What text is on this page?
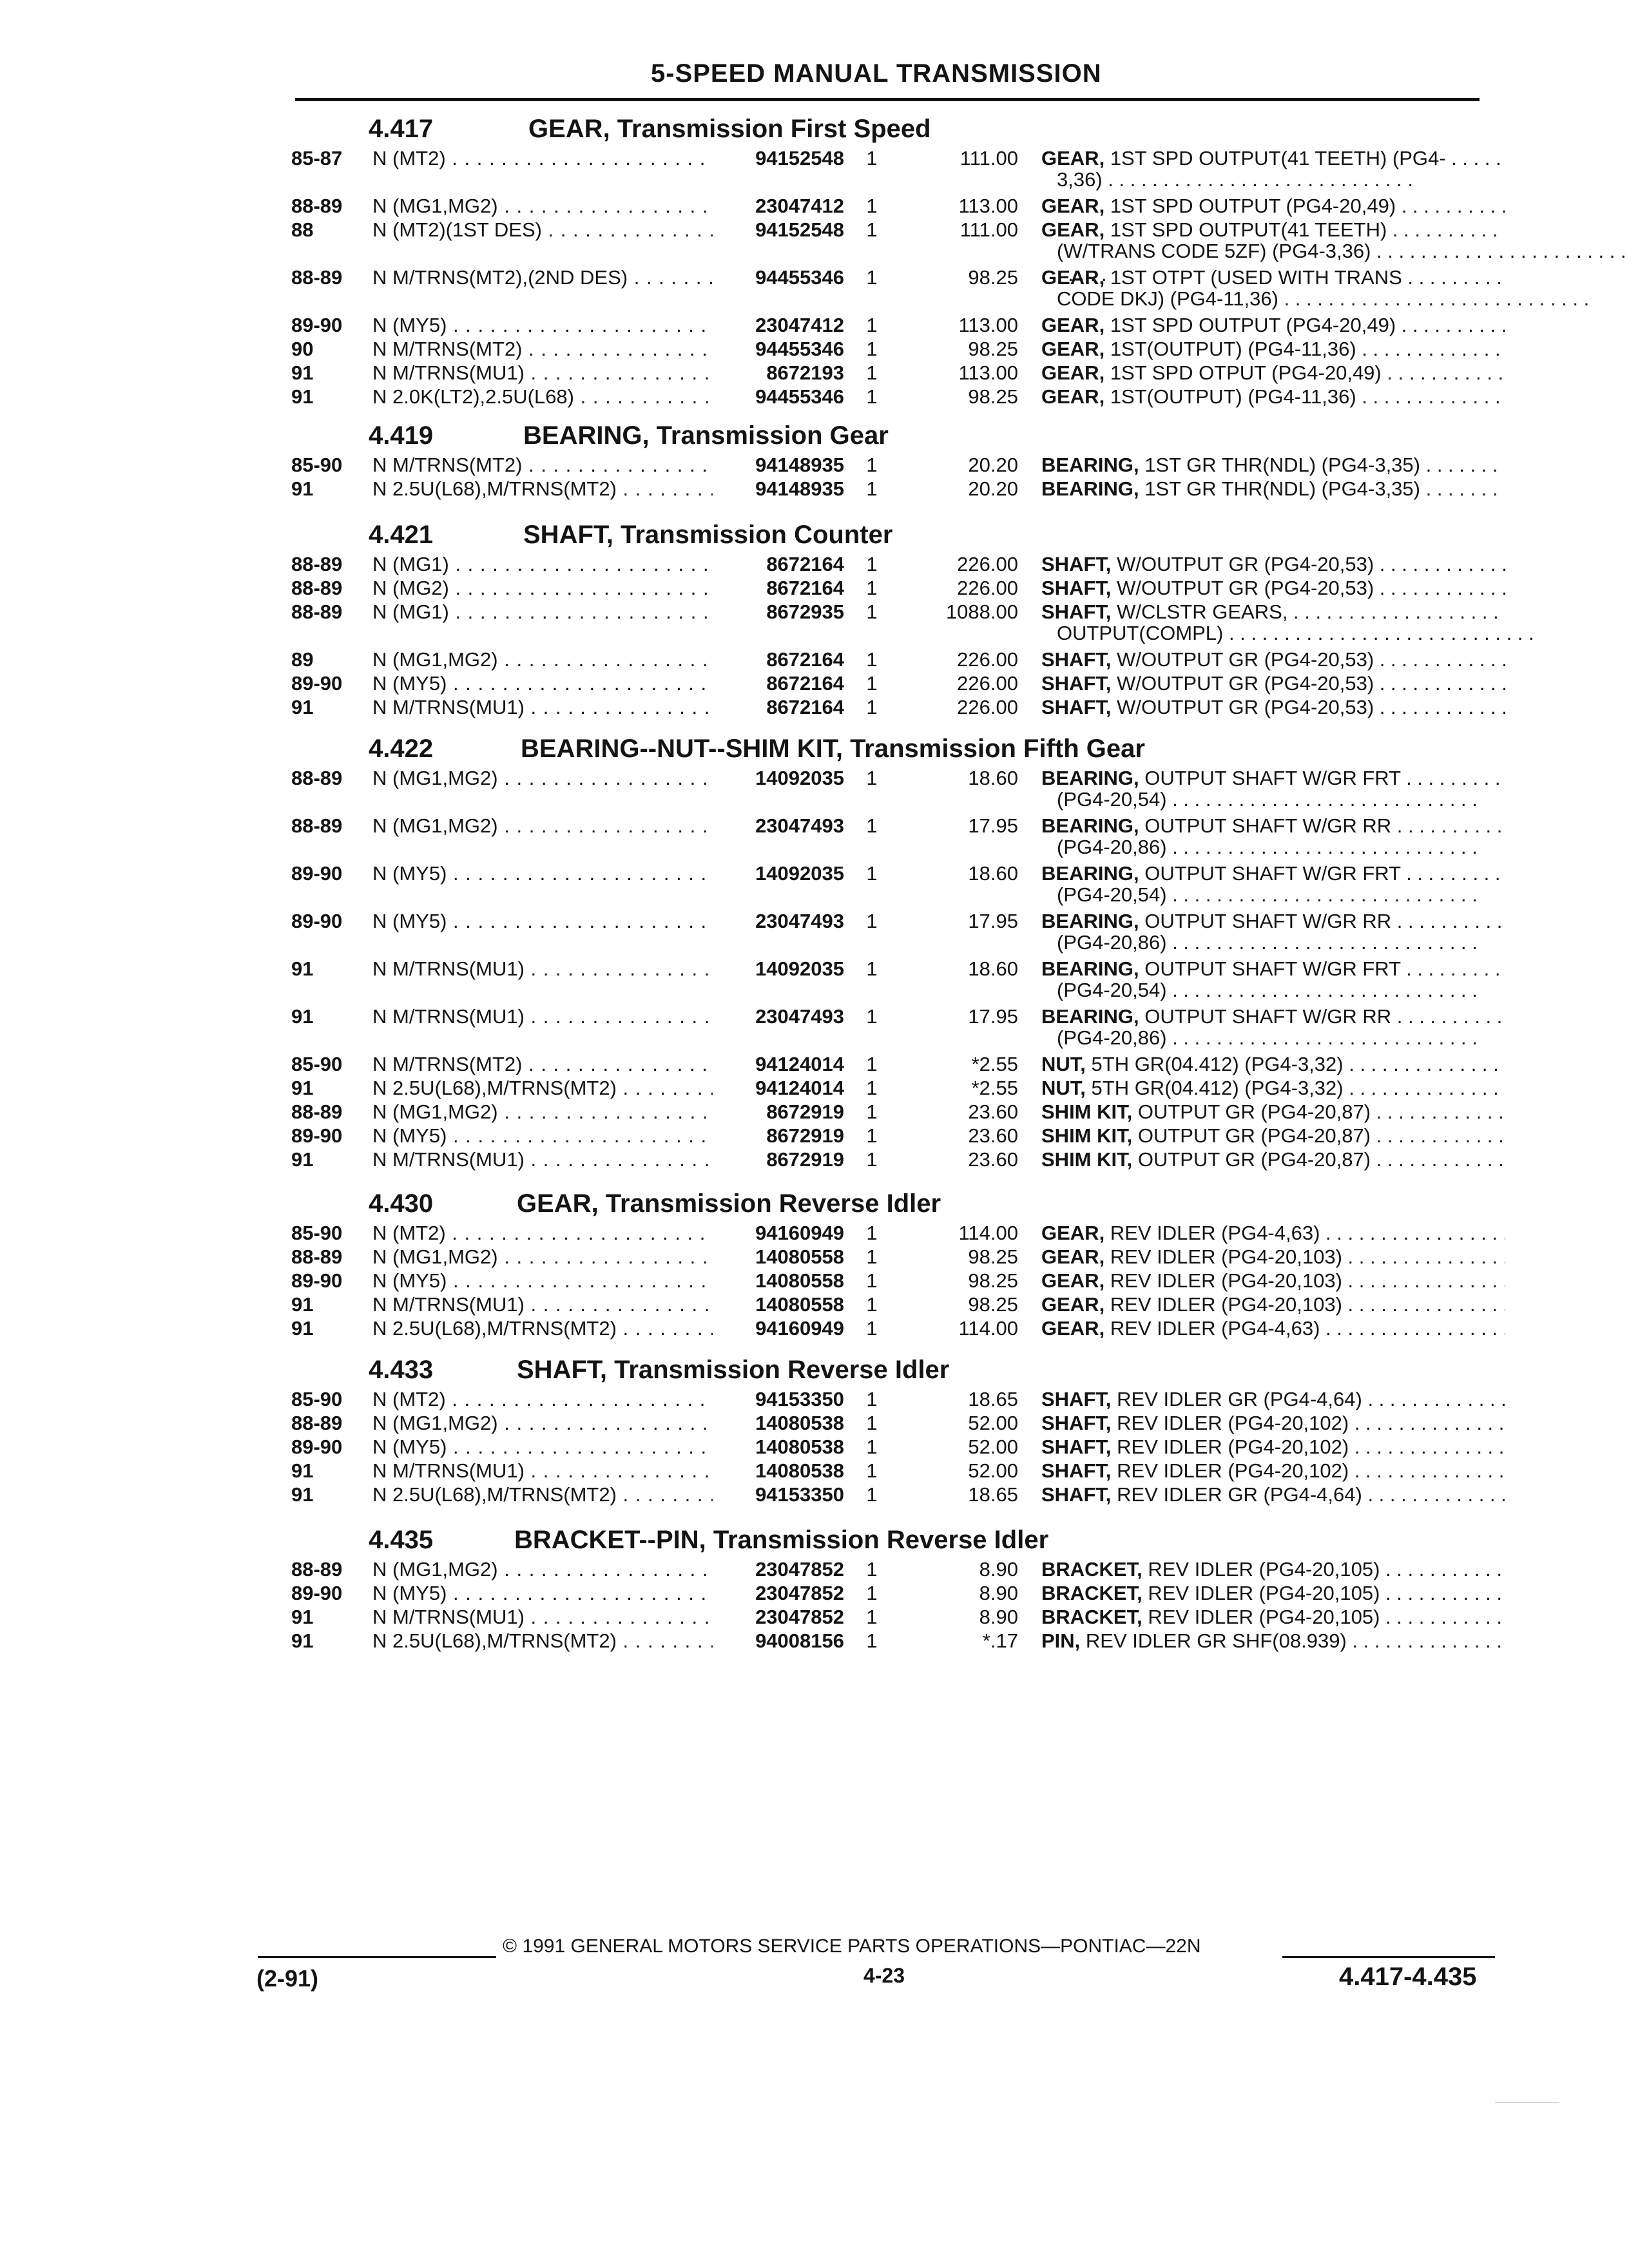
5-SPEED MANUAL TRANSMISSION
4.417	GEAR, Transmission First Speed
85-87 N (MT2) . . .	94152548 1	111.00 GEAR, 1ST SPD OUTPUT(41 TEETH) (PG4- . . .
3,36) . . .
88-89 N (MG1,MG2) . . .	23047412 1	113.00 GEAR, 1ST SPD OUTPUT (PG4-20,49) . . .
88	N (MT2)(1ST DES) . . .	94152548 1	111.00 GEAR, 1ST SPD OUTPUT(41 TEETH) . . .
(W/TRANS CODE 5ZF) (PG4-3,36) . . .
88-89 N M/TRNS(MT2),(2ND DES) . . .	94455346 1	98.25 GEAR, 1ST OTPT (USED WITH TRANS . . .
CODE DKJ) (PG4-11,36) . . .
89-90 N (MY5) . . .	23047412 1	113.00 GEAR, 1ST SPD OUTPUT (PG4-20,49) . . .
90	N M/TRNS(MT2) . . .	94455346 1	98.25 GEAR, 1ST(OUTPUT) (PG4-11,36) . . .
91	N M/TRNS(MU1) . . .	8672193 1	113.00 GEAR, 1ST SPD OTPUT (PG4-20,49) . . .
91	N 2.0K(LT2),2.5U(L68) . . .	94455346 1	98.25 GEAR, 1ST(OUTPUT) (PG4-11,36) . . .
4.419	BEARING, Transmission Gear
85-90 N M/TRNS(MT2) . . .	94148935 1	20.20 BEARING, 1ST GR THR(NDL) (PG4-3,35) . . .
91	N 2.5U(L68),M/TRNS(MT2) . . .	94148935 1	20.20 BEARING, 1ST GR THR(NDL) (PG4-3,35) . . .
4.421	SHAFT, Transmission Counter
88-89 N (MG1) . . .	8672164 1	226.00 SHAFT, W/OUTPUT GR (PG4-20,53) . . .
88-89 N (MG2) . . .	8672164 1	226.00 SHAFT, W/OUTPUT GR (PG4-20,53) . . .
88-89 N (MG1) . . .	8672935 1	1088.00 SHAFT, W/CLSTR GEARS, . . .
OUTPUT(COMPL) . . .
89	N (MG1,MG2) . . .	8672164 1	226.00 SHAFT, W/OUTPUT GR (PG4-20,53) . . .
89-90 N (MY5) . . .	8672164 1	226.00 SHAFT, W/OUTPUT GR (PG4-20,53) . . .
91	N M/TRNS(MU1) . . .	8672164 1	226.00 SHAFT, W/OUTPUT GR (PG4-20,53) . . .
4.422	BEARING--NUT--SHIM KIT, Transmission Fifth Gear
88-89 N (MG1,MG2) . . .	14092035 1	18.60 BEARING, OUTPUT SHAFT W/GR FRT . . .
(PG4-20,54) . . .
88-89 N (MG1,MG2) . . .	23047493 1	17.95 BEARING, OUTPUT SHAFT W/GR RR . . .
(PG4-20,86) . . .
89-90 N (MY5) . . .	14092035 1	18.60 BEARING, OUTPUT SHAFT W/GR FRT . . .
(PG4-20,54) . . .
89-90 N (MY5) . . .	23047493 1	17.95 BEARING, OUTPUT SHAFT W/GR RR . . .
(PG4-20,86) . . .
91	N M/TRNS(MU1) . . .	14092035 1	18.60 BEARING, OUTPUT SHAFT W/GR FRT . . .
(PG4-20,54) . . .
91	N M/TRNS(MU1) . . .	23047493 1	17.95 BEARING, OUTPUT SHAFT W/GR RR . . .
(PG4-20,86) . . .
85-90 N M/TRNS(MT2) . . .	94124014 1	*2.55 NUT, 5TH GR(04.412) (PG4-3,32) . . .
91	N 2.5U(L68),M/TRNS(MT2) . . .	94124014 1	*2.55 NUT, 5TH GR(04.412) (PG4-3,32) . . .
88-89 N (MG1,MG2) . . .	8672919 1	23.60 SHIM KIT, OUTPUT GR (PG4-20,87) . . .
89-90 N (MY5) . . .	8672919 1	23.60 SHIM KIT, OUTPUT GR (PG4-20,87) . . .
91	N M/TRNS(MU1) . . .	8672919 1	23.60 SHIM KIT, OUTPUT GR (PG4-20,87) . . .
4.430	GEAR, Transmission Reverse Idler
85-90 N (MT2) . . .	94160949 1	114.00 GEAR, REV IDLER (PG4-4,63) . . .
88-89 N (MG1,MG2) . . .	14080558 1	98.25 GEAR, REV IDLER (PG4-20,103) . . .
89-90 N (MY5) . . .	14080558 1	98.25 GEAR, REV IDLER (PG4-20,103) . . .
91	N M/TRNS(MU1) . . .	14080558 1	98.25 GEAR, REV IDLER (PG4-20,103) . . .
91	N 2.5U(L68),M/TRNS(MT2) . . .	94160949 1	114.00 GEAR, REV IDLER (PG4-4,63) . . .
4.433	SHAFT, Transmission Reverse Idler
85-90 N (MT2) . . .	94153350 1	18.65 SHAFT, REV IDLER GR (PG4-4,64) . . .
88-89 N (MG1,MG2) . . .	14080538 1	52.00 SHAFT, REV IDLER (PG4-20,102) . . .
89-90 N (MY5) . . .	14080538 1	52.00 SHAFT, REV IDLER (PG4-20,102) . . .
91	N M/TRNS(MU1) . . .	14080538 1	52.00 SHAFT, REV IDLER (PG4-20,102) . . .
91	N 2.5U(L68),M/TRNS(MT2) . . .	94153350 1	18.65 SHAFT, REV IDLER GR (PG4-4,64) . . .
4.435	BRACKET--PIN, Transmission Reverse Idler
88-89 N (MG1,MG2) . . .	23047852 1	8.90 BRACKET, REV IDLER (PG4-20,105) . . .
89-90 N (MY5) . . .	23047852 1	8.90 BRACKET, REV IDLER (PG4-20,105) . . .
91	N M/TRNS(MU1) . . .	23047852 1	8.90 BRACKET, REV IDLER (PG4-20,105) . . .
91	N 2.5U(L68),M/TRNS(MT2) . . .	94008156 1	*.17 PIN, REV IDLER GR SHF(08.939) . . .
© 1991 GENERAL MOTORS SERVICE PARTS OPERATIONS—PONTIAC—22N
(2-91)	4-23	4.417-4.435
